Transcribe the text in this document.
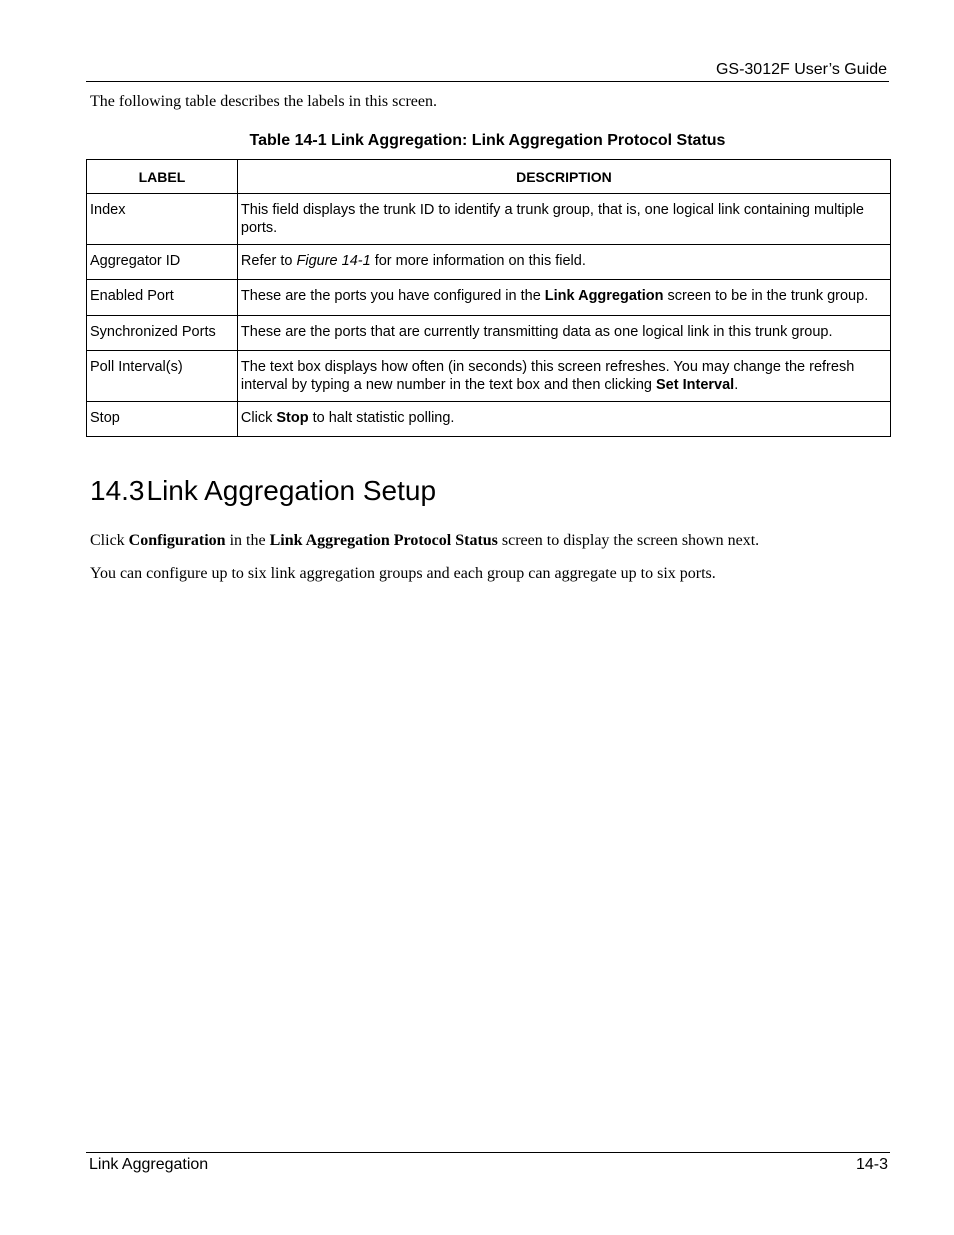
GS-3012F User’s Guide
The following table describes the labels in this screen.
Table 14-1 Link Aggregation: Link Aggregation Protocol Status
LABEL	DESCRIPTION
Index	This field displays the trunk ID to identify a trunk group, that is, one logical link containing multiple ports.
Aggregator ID	Refer to Figure 14-1 for more information on this field.
Enabled Port	These are the ports you have configured in the Link Aggregation screen to be in the trunk group.
Synchronized Ports	These are the ports that are currently transmitting data as one logical link in this trunk group.
Poll Interval(s)	The text box displays how often (in seconds) this screen refreshes. You may change the refresh interval by typing a new number in the text box and then clicking Set Interval.
Stop	Click Stop to halt statistic polling.
14.3Link Aggregation Setup
Click Configuration in the Link Aggregation Protocol Status screen to display the screen shown next.
You can configure up to six link aggregation groups and each group can aggregate up to six ports.
Link Aggregation	14-3
